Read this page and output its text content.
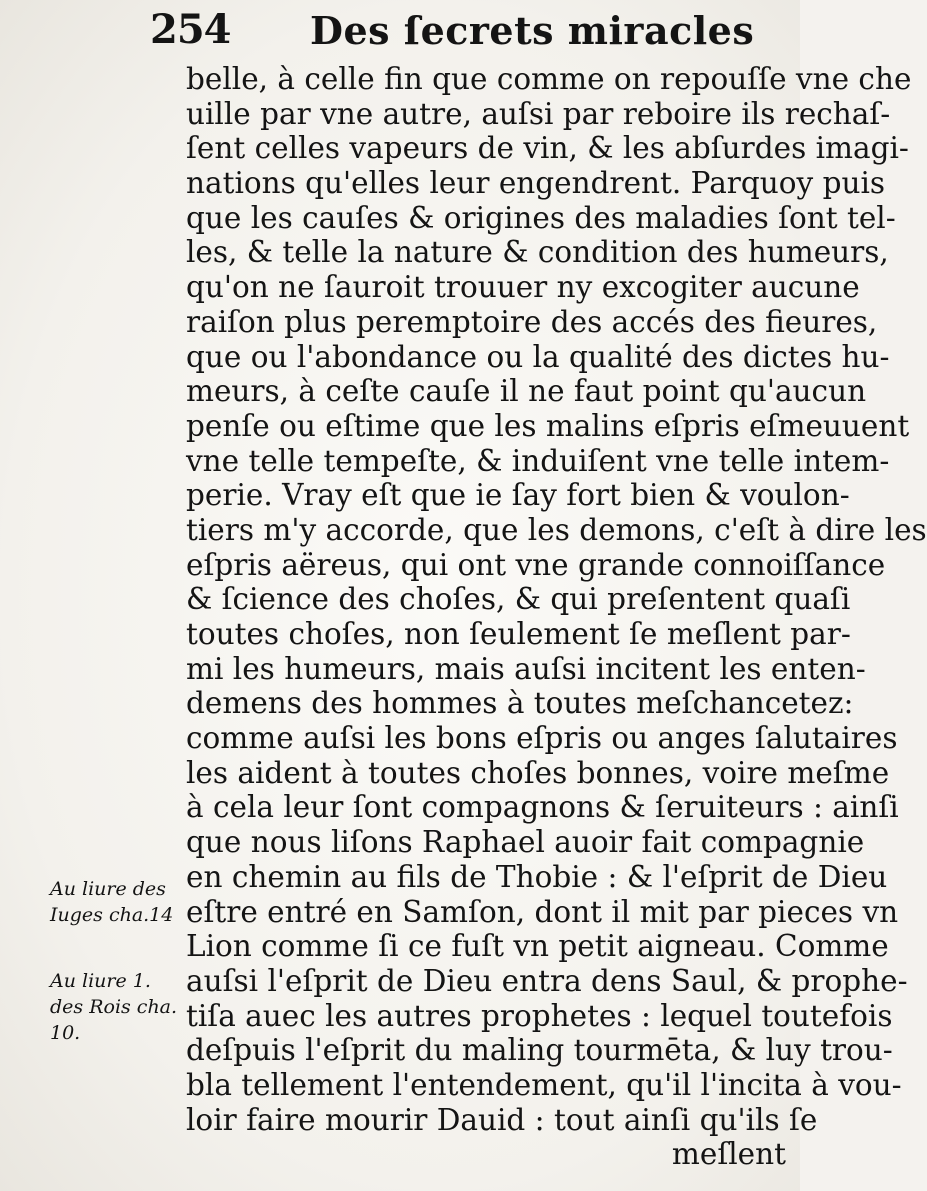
254 Des ſecrets miracles
belle, à celle fin que comme on repouſſe vne che
uille par vne autre, auſsi par reboire ils rechaſ-
ſent celles vapeurs de vin, & les abſurdes imagi-
nations qu'elles leur engendrent. Parquoy puis
que les cauſes & origines des maladies ſont tel-
les, & telle la nature & condition des humeurs,
qu'on ne ſauroit trouuer ny excogiter aucune
raiſon plus peremptoire des accés des fieures,
que ou l'abondance ou la qualité des dictes hu-
meurs, à ceſte cauſe il ne faut point qu'aucun
penſe ou eſtime que les malins eſpris eſmeuuent
vne telle tempeſte, & induiſent vne telle intem-
perie. Vray eſt que ie ſay fort bien & voulon-
tiers m'y accorde, que les demons, c'eſt à dire les
eſpris aëreus, qui ont vne grande connoiſſance
& ſcience des choſes, & qui preſentent quaſi
toutes choſes, non ſeulement ſe meſlent par-
mi les humeurs, mais auſsi incitent les enten-
demens des hommes à toutes meſchancetez:
comme auſsi les bons eſpris ou anges ſalutaires
les aident à toutes choſes bonnes, voire meſme
à cela leur ſont compagnons & ſeruiteurs : ainſi
que nous liſons Raphael auoir fait compagnie
en chemin au fils de Thobie : & l'eſprit de Dieu
eſtre entré en Samſon, dont il mit par pieces vn
Lion comme ſi ce fuſt vn petit aigneau. Comme
auſsi l'eſprit de Dieu entra dens Saul, & prophe-
tiſa auec les autres prophetes : lequel toutefois
deſpuis l'eſprit du maling tourmēta, & luy trou-
bla tellement l'entendement, qu'il l'incita à vou-
loir faire mourir Dauid : tout ainſi qu'ils ſe
meſlent
Au liure des
Iuges cha.14
Au liure 1.
des Rois cha.
10.
